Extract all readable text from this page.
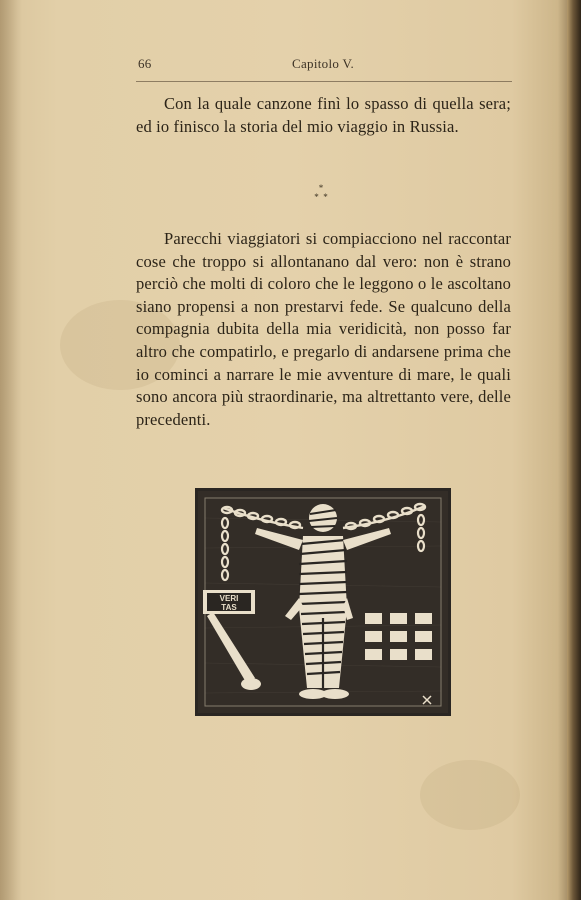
66	Capitolo V.

Con la quale canzone finì lo spasso di quella sera; ed io finisco la storia del mio viaggio in Russia.

*
*  *

Parecchi viaggiatori si compiacciono nel raccontar cose che troppo si allontanano dal vero: non è strano perciò che molti di coloro che le leggono o le ascoltano siano propensi a non prestarvi fede. Se qualcuno della compagnia dubita della mia veridicità, non posso far altro che compatirlo, e pregarlo di andarsene prima che io cominci a narrare le mie avventure di mare, le quali sono ancora più straordinarie, ma altrettanto vere, delle precedenti.

VERI
TAS
